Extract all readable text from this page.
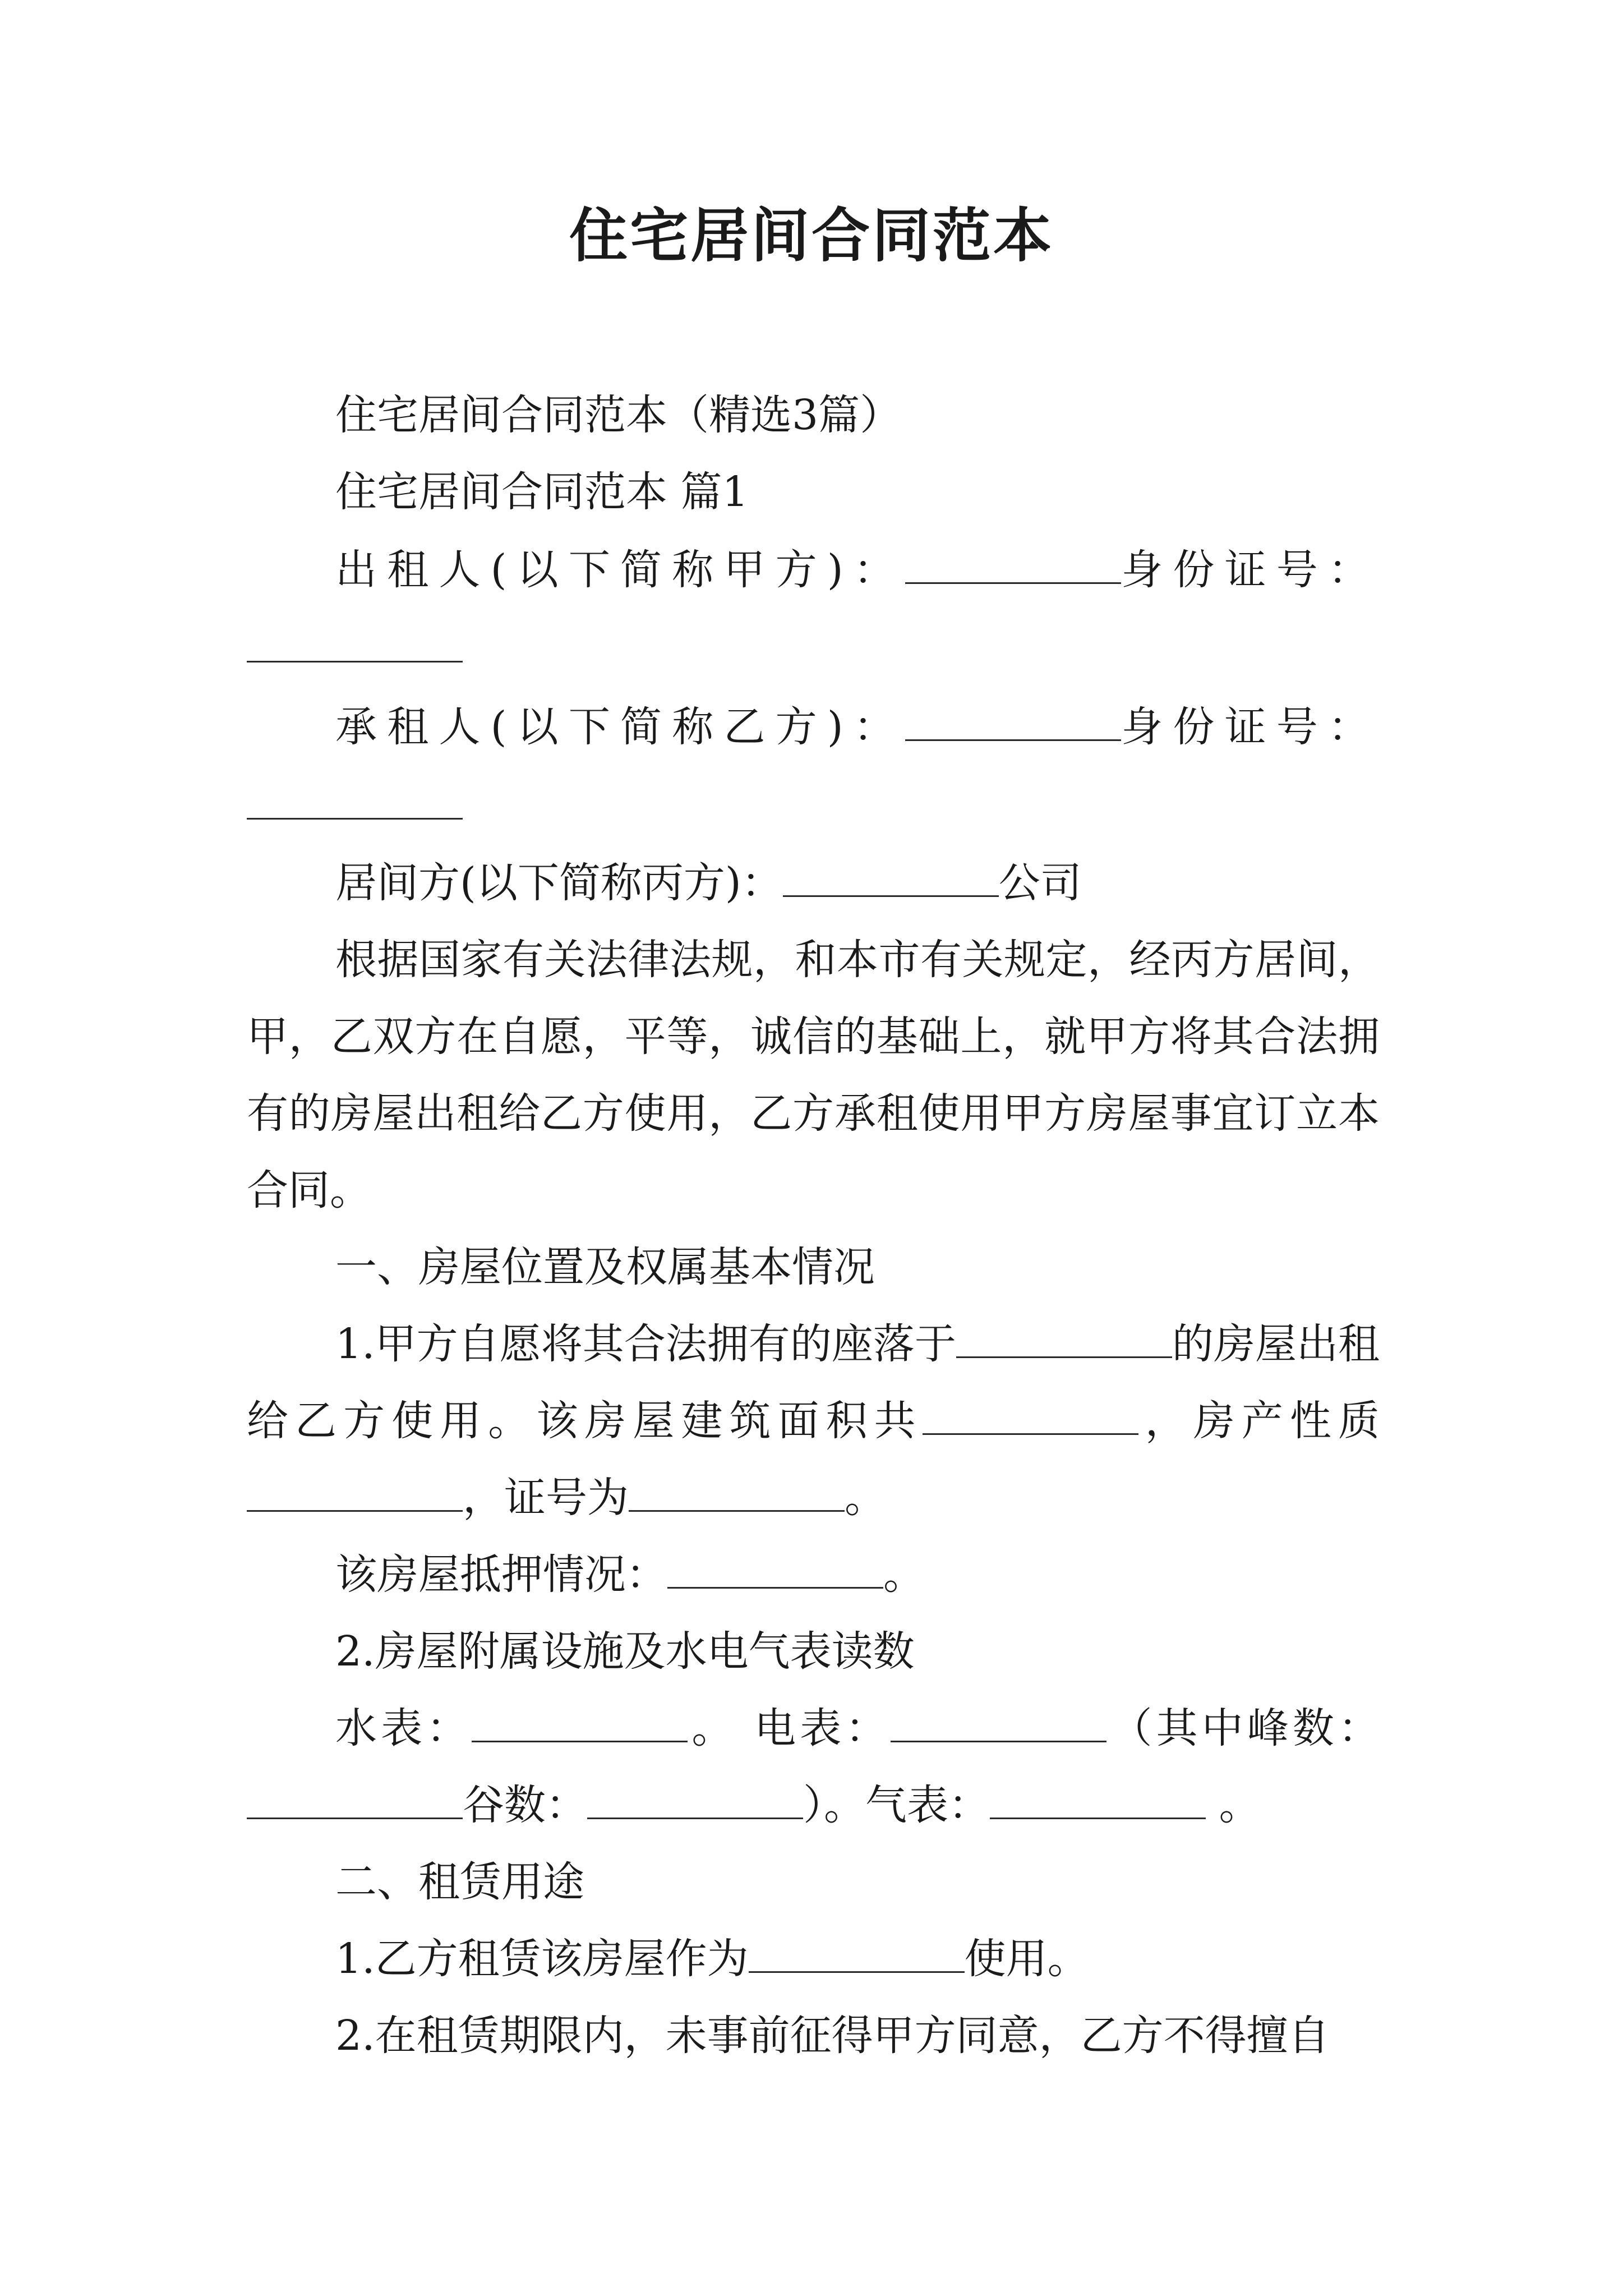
住宅居间合同范本

住宅居间合同范本（精选3篇）

住宅居间合同范本 篇1

出租人(以下简称甲方)：	身份证号：

承租人(以下简称乙方)：	身份证号：

居间方(以下简称丙方)：	公司

根据国家有关法律法规，和本市有关规定，经丙方居间，甲，乙双方在自愿，平等，诚信的基础上，就甲方将其合法拥有的房屋出租给乙方使用，乙方承租使用甲方房屋事宜订立本合同。

一、房屋位置及权属基本情况

1.甲方自愿将其合法拥有的座落于	的房屋出租给乙方使用。该房屋建筑面积共	，房产性质，证号为	。

该房屋抵押情况：	。

2.房屋附属设施及水电气表读数

水表：	。 电表：	（其中峰数：谷数：	）。气表：	。

二、租赁用途

1.乙方租赁该房屋作为	使用。

2.在租赁期限内，未事前征得甲方同意，乙方不得擅自
